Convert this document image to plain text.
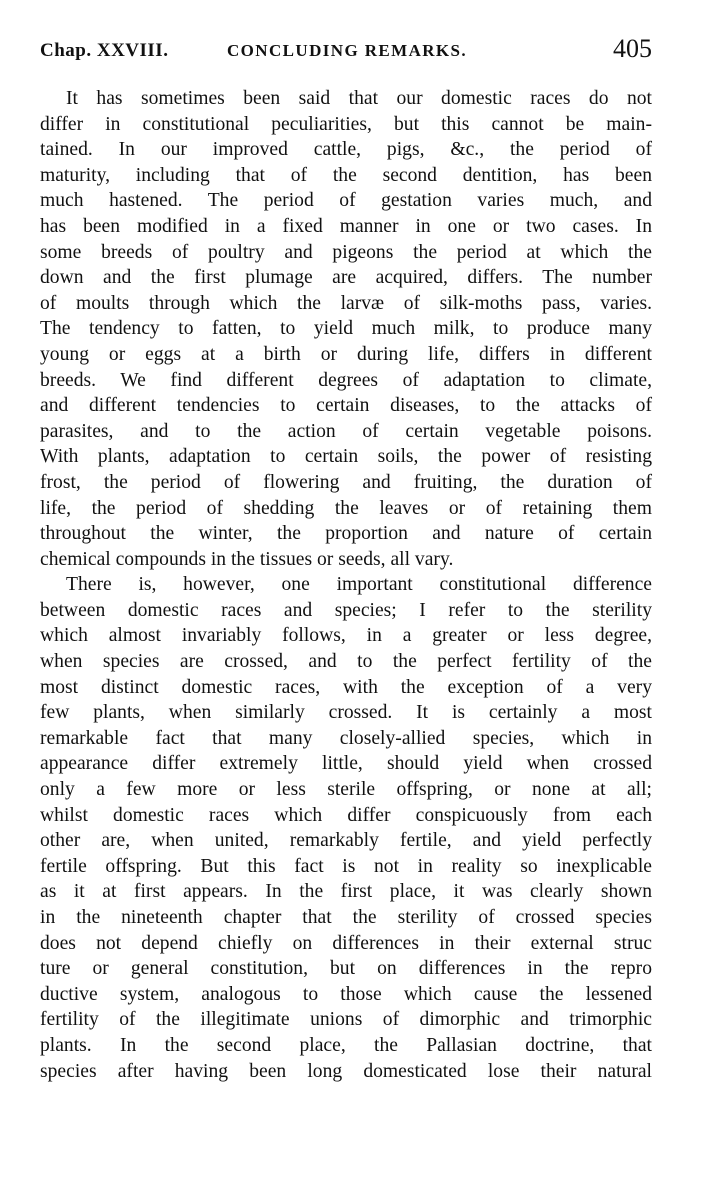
Chap. XXVIII.	CONCLUDING REMARKS.	405
It has sometimes been said that our domestic races do not
differ in constitutional peculiarities, but this cannot be main-
tained. In our improved cattle, pigs, &c., the period of
maturity, including that of the second dentition, has been
much hastened. The period of gestation varies much, and
has been modified in a fixed manner in one or two cases. In
some breeds of poultry and pigeons the period at which the
down and the first plumage are acquired, differs. The number
of moults through which the larvæ of silk-moths pass, varies.
The tendency to fatten, to yield much milk, to produce many
young or eggs at a birth or during life, differs in different
breeds. We find different degrees of adaptation to climate,
and different tendencies to certain diseases, to the attacks of
parasites, and to the action of certain vegetable poisons.
With plants, adaptation to certain soils, the power of resisting
frost, the period of flowering and fruiting, the duration of
life, the period of shedding the leaves or of retaining them
throughout the winter, the proportion and nature of certain
chemical compounds in the tissues or seeds, all vary.
There is, however, one important constitutional difference
between domestic races and species; I refer to the sterility
which almost invariably follows, in a greater or less degree,
when species are crossed, and to the perfect fertility of the
most distinct domestic races, with the exception of a very
few plants, when similarly crossed. It is certainly a most
remarkable fact that many closely-allied species, which in
appearance differ extremely little, should yield when crossed
only a few more or less sterile offspring, or none at all;
whilst domestic races which differ conspicuously from each
other are, when united, remarkably fertile, and yield perfectly
fertile offspring. But this fact is not in reality so inexplicable
as it at first appears. In the first place, it was clearly shown
in the nineteenth chapter that the sterility of crossed species
does not depend chiefly on differences in their external struc
ture or general constitution, but on differences in the repro
ductive system, analogous to those which cause the lessened
fertility of the illegitimate unions of dimorphic and trimorphic
plants. In the second place, the Pallasian doctrine, that
species after having been long domesticated lose their natural
